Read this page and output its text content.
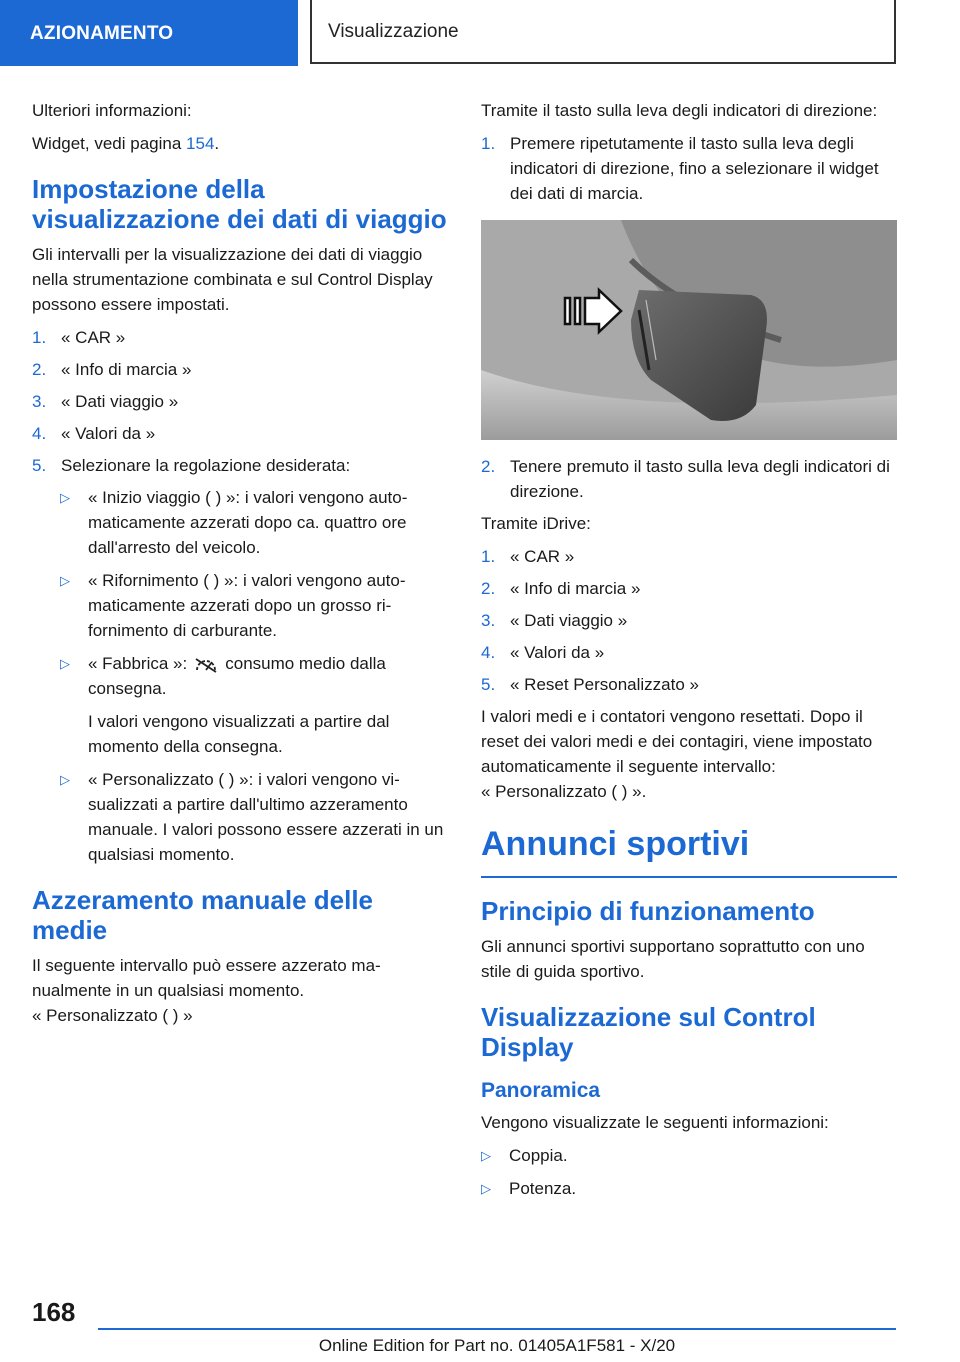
AZIONAMENTO	Visualizzazione

Ulteriori informazioni:

Widget, vedi pagina 154.

Impostazione della visualizzazione dei dati di viaggio

Gli intervalli per la visualizzazione dei dati di viaggio nella strumentazione combinata e sul Control Display possono essere impostati.

1. « CAR »
2. « Info di marcia »
3. « Dati viaggio »
4. « Valori da »
5. Selezionare la regolazione desiderata:
▷	« Inizio viaggio ( ) »: i valori vengono automaticamente azzerati dopo ca. quattro ore dall'arresto del veicolo.
▷	« Rifornimento ( ) »: i valori vengono automaticamente azzerati dopo un grosso rifornimento di carburante.
▷	« Fabbrica »: consumo medio dalla consegna.
I valori vengono visualizzati a partire dal momento della consegna.
▷	« Personalizzato ( ) »: i valori vengono visualizzati a partire dall'ultimo azzeramento manuale. I valori possono essere azzerati in un qualsiasi momento.
Azzeramento manuale delle medie

Il seguente intervallo può essere azzerato manualmente in un qualsiasi momento.

« Personalizzato ( ) »

Tramite il tasto sulla leva degli indicatori di direzione:

1. Premere ripetutamente il tasto sulla leva degli indicatori di direzione, fino a selezionare il widget dei dati di marcia.
2. Tenere premuto il tasto sulla leva degli indicatori di direzione.

Tramite iDrive:

1. « CAR »
2. « Info di marcia »
3. « Dati viaggio »
4. « Valori da »
5. « Reset Personalizzato »

I valori medi e i contatori vengono resettati. Dopo il reset dei valori medi e dei contagiri, viene impostato automaticamente il seguente intervallo:

« Personalizzato ( ) ».

Annunci sportivi
Principio di funzionamento

Gli annunci sportivi supportano soprattutto con uno stile di guida sportivo.

Visualizzazione sul Control Display
Panoramica

Vengono visualizzate le seguenti informazioni:

▷	Coppia.
▷	Potenza.
168
Online Edition for Part no. 01405A1F581 - X/20
